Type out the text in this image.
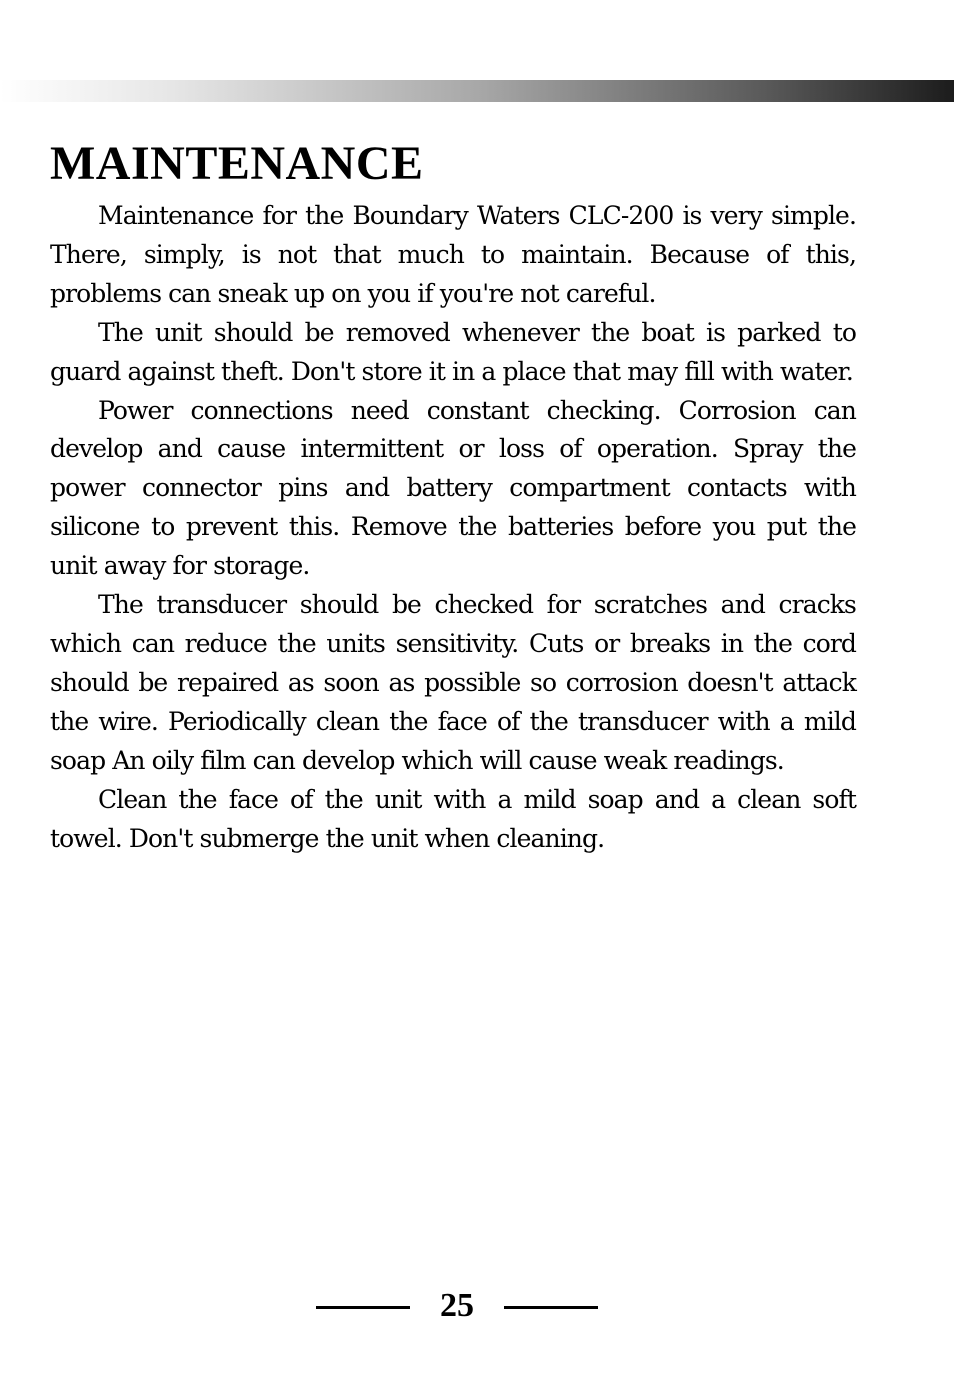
MAINTENANCE

Maintenance for the Boundary Waters CLC-200 is very simple. There, simply, is not that much to maintain. Because of this, problems can sneak up on you if you're not careful.

The unit should be removed whenever the boat is parked to guard against theft. Don't store it in a place that may fill with water.

Power connections need constant checking. Corrosion can develop and cause intermittent or loss of operation. Spray the power connector pins and battery compartment contacts with silicone to prevent this. Remove the batteries before you put the unit away for storage.

The transducer should be checked for scratches and cracks which can reduce the units sensitivity. Cuts or breaks in the cord should be repaired as soon as possible so corrosion doesn't attack the wire. Periodically clean the face of the transducer with a mild soap An oily film can develop which will cause weak readings.

Clean the face of the unit with a mild soap and a clean soft towel. Don't submerge the unit when cleaning.

25
